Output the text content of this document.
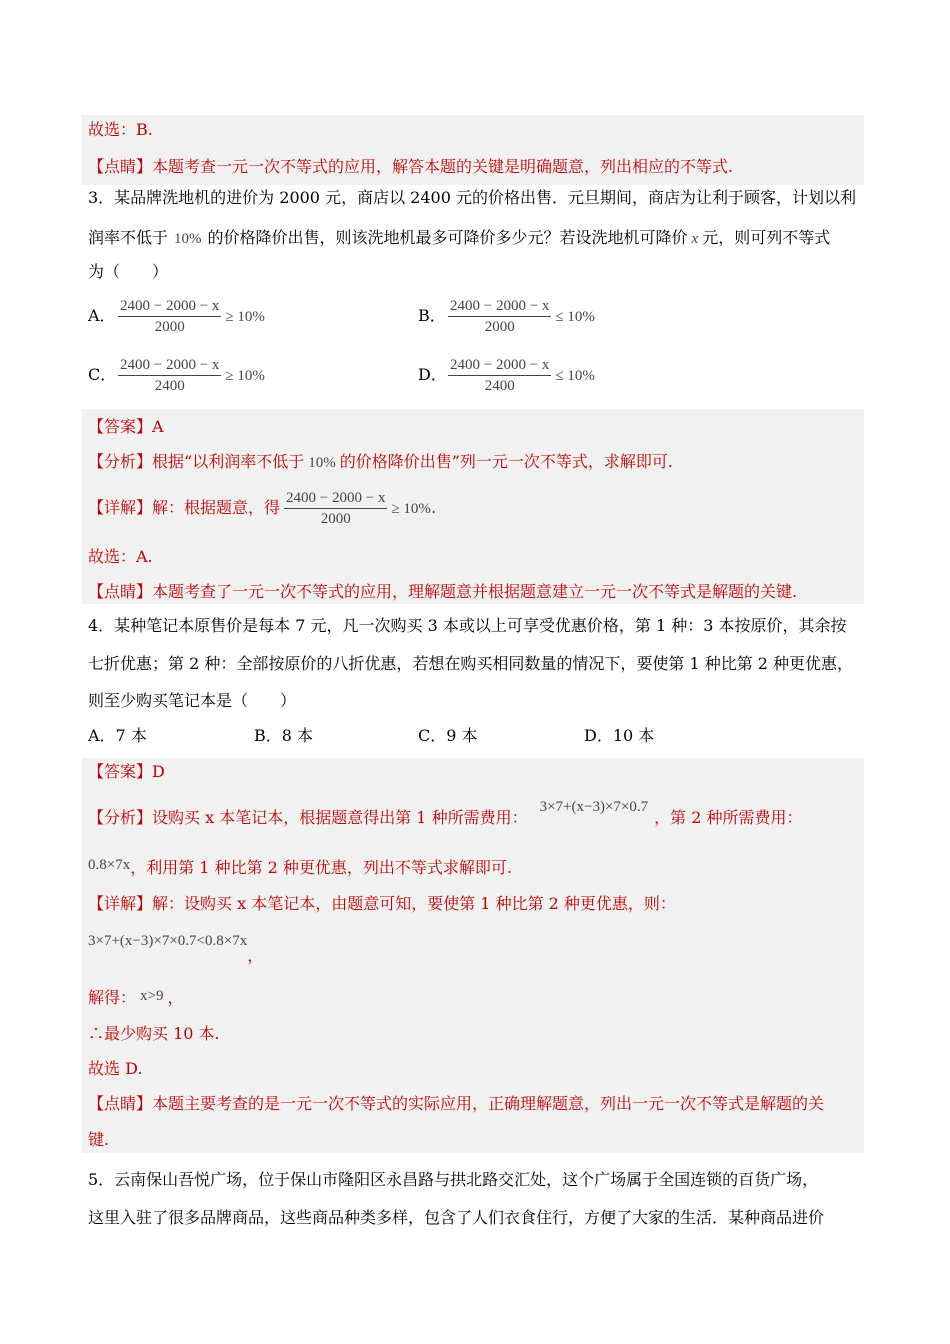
故选：B.
【点睛】本题考查一元一次不等式的应用，解答本题的关键是明确题意，列出相应的不等式.
3．某品牌洗地机的进价为 2000 元，商店以 2400 元的价格出售．元旦期间，商店为让利于顾客，计划以利
润率不低于 10% 的价格降价出售，则该洗地机最多可降价多少元？若设洗地机可降价 x 元，则可列不等式
为（　　）
A． $\frac{2400 - 2000 - x}{2000} \ge 10\%$	B． $\frac{2400 - 2000 - x}{2000} \le 10\%$
C． $\frac{2400 - 2000 - x}{2400} \ge 10\%$	D． $\frac{2400 - 2000 - x}{2400} \le 10\%$
【答案】A
【分析】根据“以利润率不低于 10% 的价格降价出售”列一元一次不等式，求解即可.
【详解】解：根据题意，得 $\frac{2400 - 2000 - x}{2000} \ge 10\%$.
故选：A.
【点睛】本题考查了一元一次不等式的应用，理解题意并根据题意建立一元一次不等式是解题的关键.
4．某种笔记本原售价是每本 7 元，凡一次购买 3 本或以上可享受优惠价格，第 1 种：3 本按原价，其余按
七折优惠；第 2 种：全部按原价的八折优惠，若想在购买相同数量的情况下，要使第 1 种比第 2 种更优惠，
则至少购买笔记本是（　　）
A．7 本	B．8 本	C．9 本	D．10 本
【答案】D
【分析】设购买 x 本笔记本，根据题意得出第 1 种所需费用：3×7+(x−3)×7×0.7，第 2 种所需费用：
0.8×7x，利用第 1 种比第 2 种更优惠，列出不等式求解即可.
【详解】解：设购买 x 本笔记本，由题意可知，要使第 1 种比第 2 种更优惠，则：
3×7+(x−3)×7×0.7<0.8×7x，
解得： x>9 ，
∴最少购买 10 本.
故选 D.
【点睛】本题主要考查的是一元一次不等式的实际应用，正确理解题意，列出一元一次不等式是解题的关
键.
5．云南保山吾悦广场，位于保山市隆阳区永昌路与拱北路交汇处，这个广场属于全国连锁的百货广场，
这里入驻了很多品牌商品，这些商品种类多样，包含了人们衣食住行，方便了大家的生活．某种商品进价
